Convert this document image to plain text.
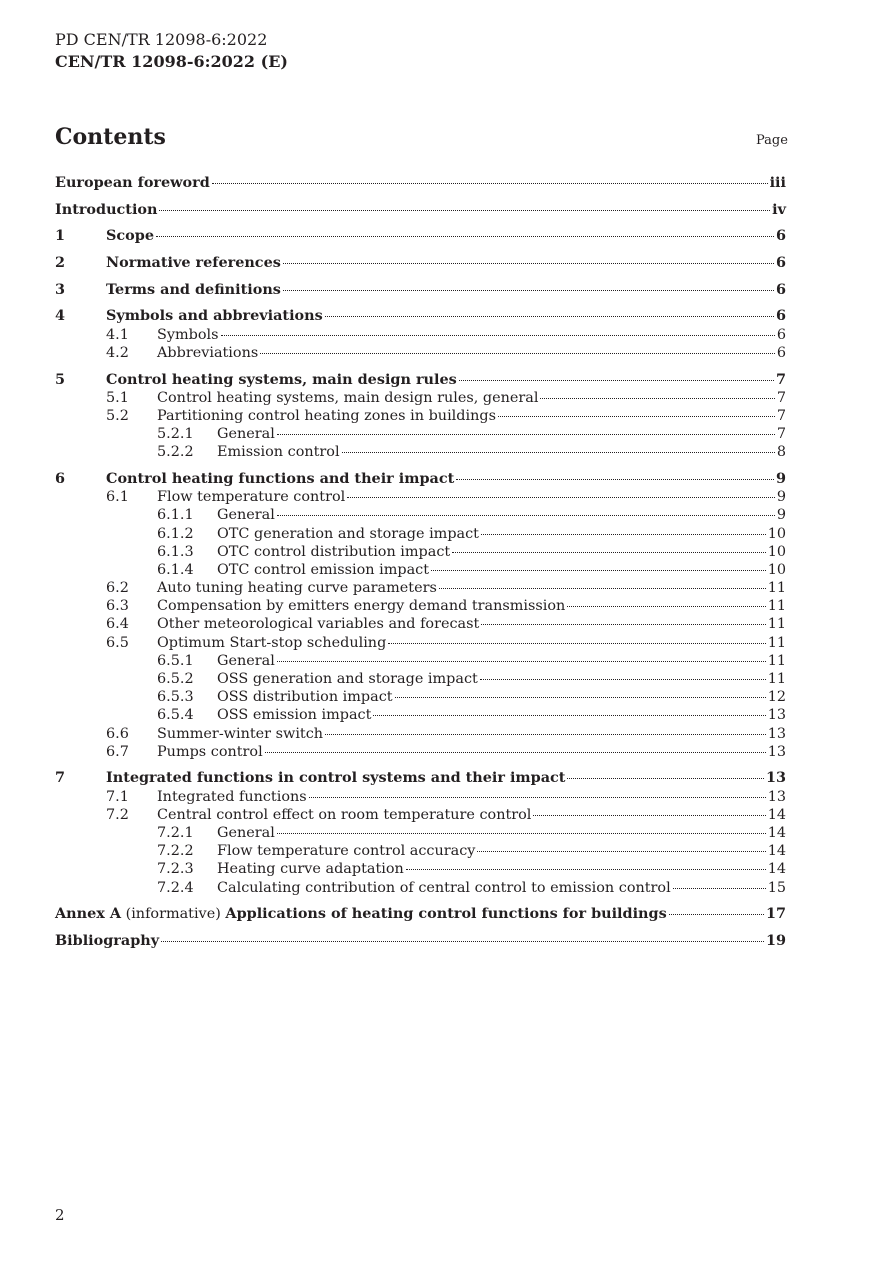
PD CEN/TR 12098-6:2022
CEN/TR 12098-6:2022 (E)
Contents	Page
European foreword	iii
Introduction	iv
1	Scope	6
2	Normative references	6
3	Terms and definitions	6
4	Symbols and abbreviations	6
4.1 Symbols	6
4.2 Abbreviations	6
5	Control heating systems, main design rules	7
5.1 Control heating systems, main design rules, general	7
5.2 Partitioning control heating zones in buildings	7
5.2.1 General	7
5.2.2 Emission control	8
6	Control heating functions and their impact	9
6.1 Flow temperature control	9
6.1.1 General	9
6.1.2 OTC generation and storage impact	10
6.1.3 OTC control distribution impact	10
6.1.4 OTC control emission impact	10
6.2 Auto tuning heating curve parameters	11
6.3 Compensation by emitters energy demand transmission	11
6.4 Other meteorological variables and forecast	11
6.5 Optimum Start-stop scheduling	11
6.5.1 General	11
6.5.2 OSS generation and storage impact	11
6.5.3 OSS distribution impact	12
6.5.4 OSS emission impact	13
6.6 Summer-winter switch	13
6.7 Pumps control	13
7	Integrated functions in control systems and their impact	13
7.1 Integrated functions	13
7.2 Central control effect on room temperature control	14
7.2.1 General	14
7.2.2 Flow temperature control accuracy	14
7.2.3 Heating curve adaptation	14
7.2.4 Calculating contribution of central control to emission control	15
Annex A (informative) Applications of heating control functions for buildings	17
Bibliography	19
2
